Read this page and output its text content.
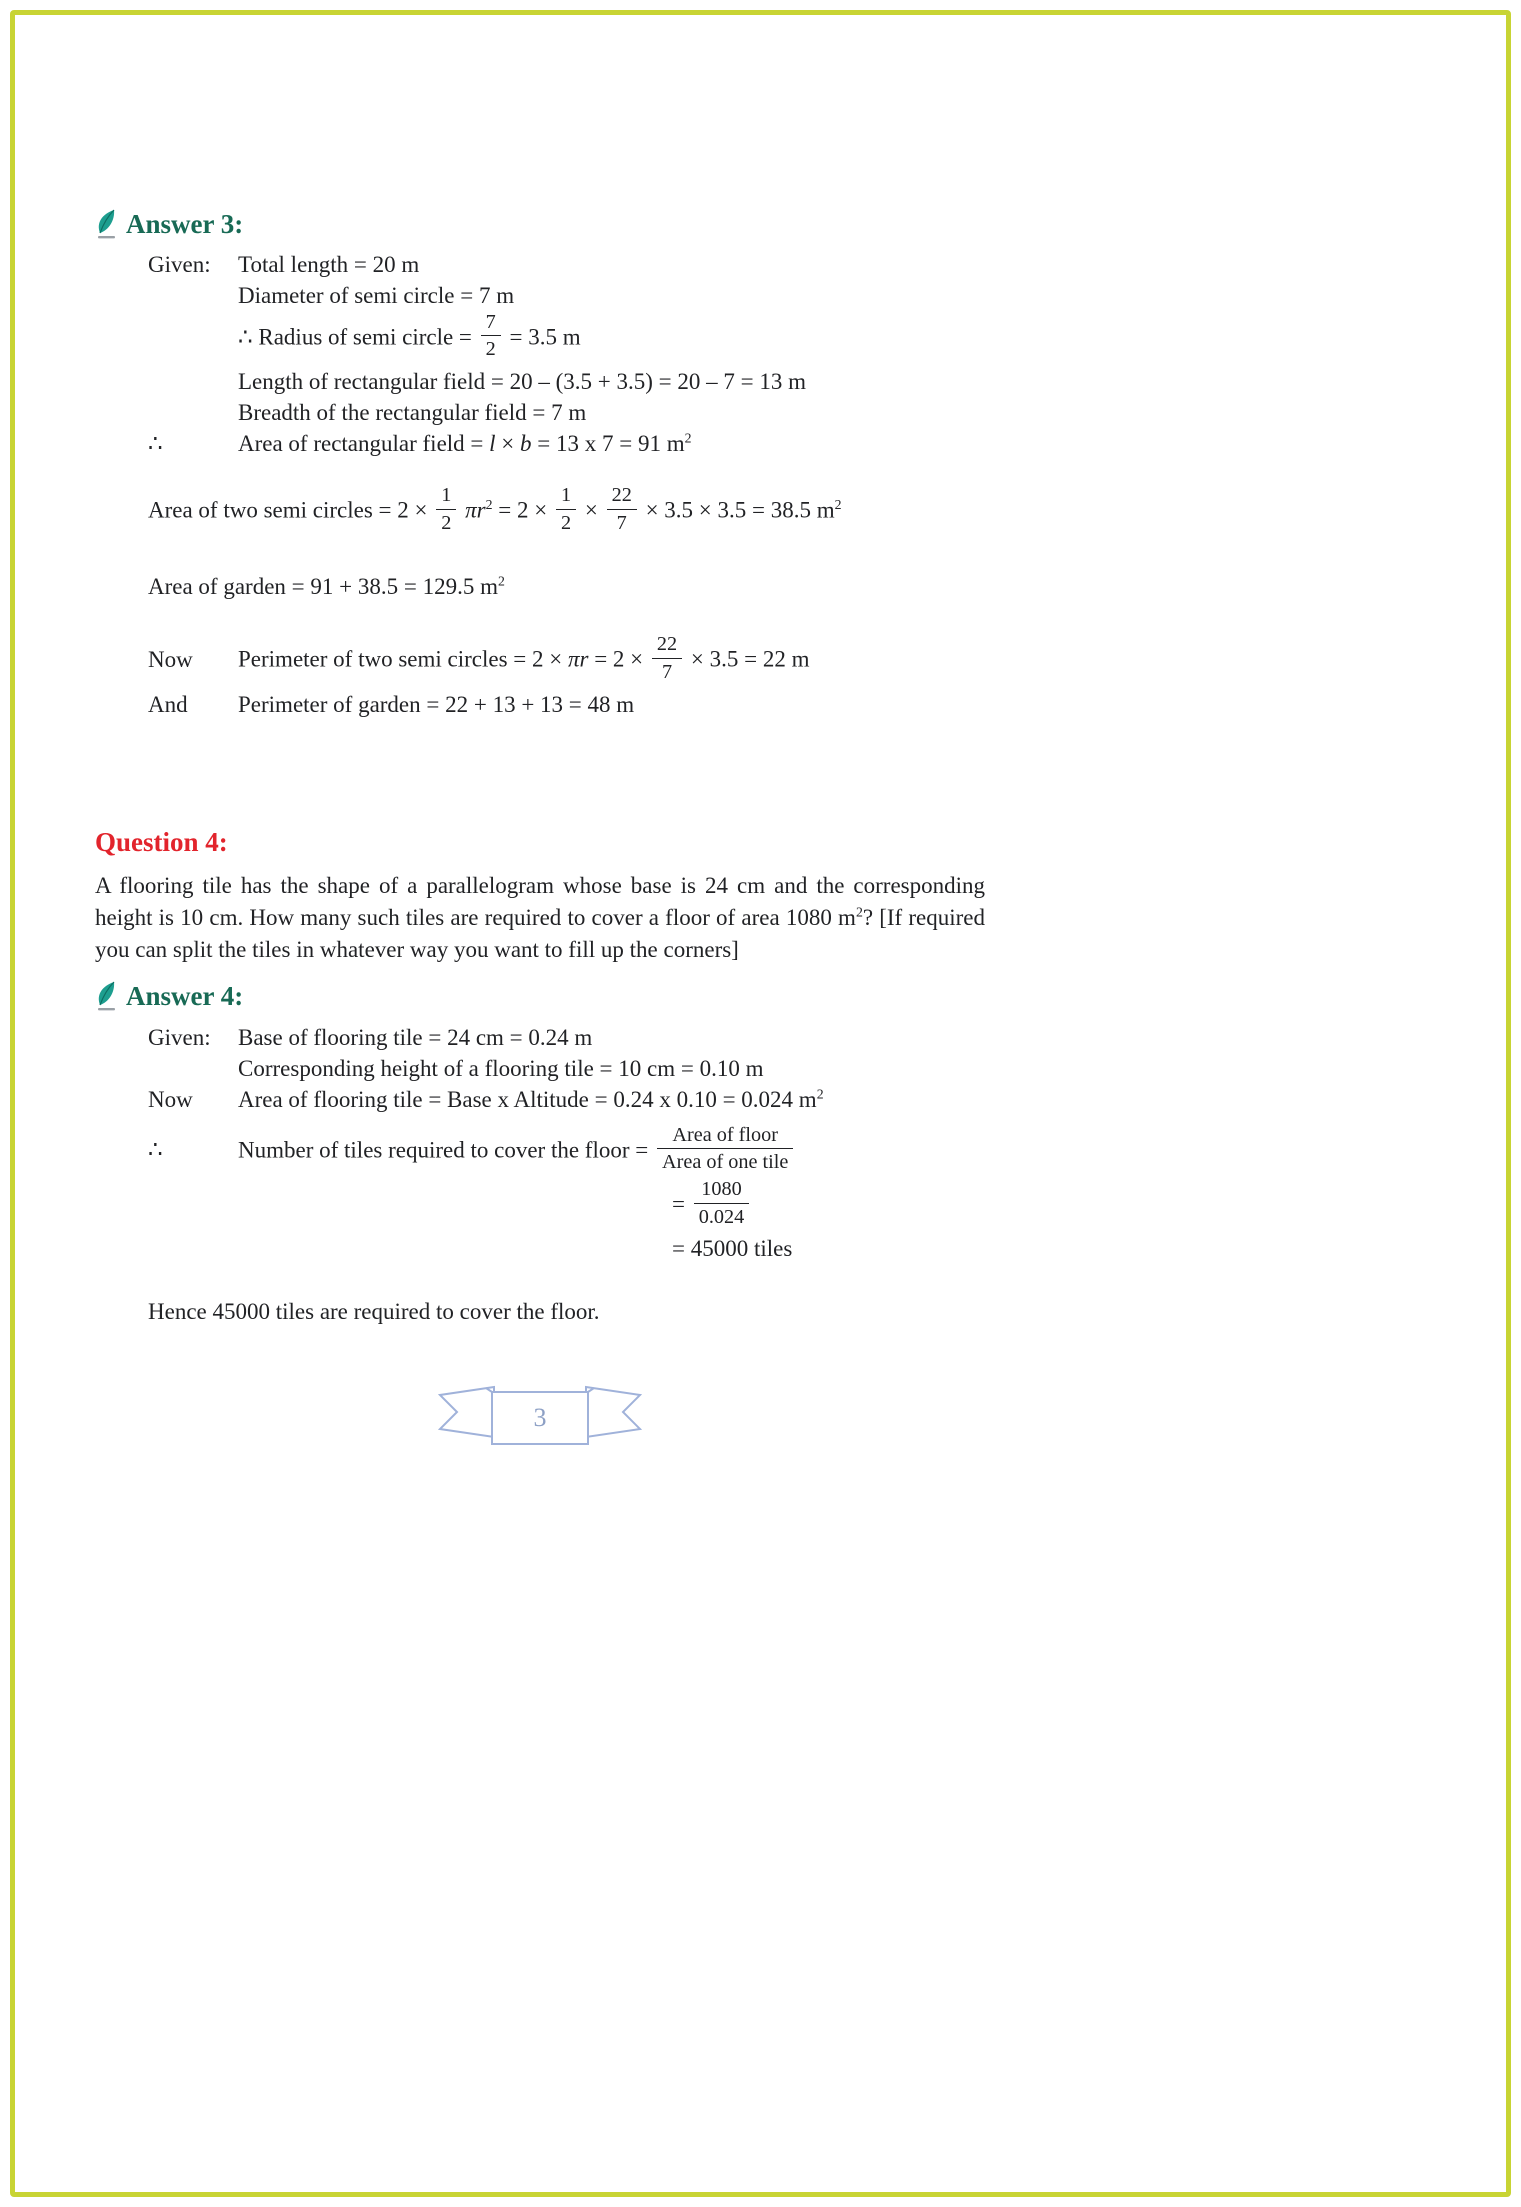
Answer 3:
Given:	Total length = 20 m
Diameter of semi circle = 7 m
∴ Radius of semi circle = $\frac{7}{2} = 3.5$ m
Length of rectangular field = 20 – (3.5 + 3.5) = 20 – 7 = 13 m
Breadth of the rectangular field = 7 m
∴	Area of rectangular field = l × b = 13 x 7 = 91 $m^2$
Area of two semi circles = $2 \times \frac{1}{2} \pi r^2 = 2 \times \frac{1}{2} \times \frac{22}{7} \times 3.5 \times 3.5 = 38.5$ $m^2$
Area of garden = 91 + 38.5 = 129.5 $m^2$
Now	Perimeter of two semi circles = $2 \times \pi r = 2 \times \frac{22}{7} \times 3.5 = 22$ m
And	Perimeter of garden = 22 + 13 + 13 = 48 m
Question 4:

A flooring tile has the shape of a parallelogram whose base is 24 cm and the corresponding height is 10 cm. How many such tiles are required to cover a floor of area 1080 $m^2$? [If required you can split the tiles in whatever way you want to fill up the corners]

Answer 4:
Given:	Base of flooring tile = 24 cm = 0.24 m
Corresponding height of a flooring tile = 10 cm = 0.10 m
Now	Area of flooring tile = Base x Altitude = 0.24 x 0.10 = 0.024 $m^2$
∴	Number of tiles required to cover the floor = $\frac{\text{Area of floor}}{\text{Area of one tile}}$
= $\frac{1080}{0.024}$
= 45000 tiles
Hence 45000 tiles are required to cover the floor.
3
